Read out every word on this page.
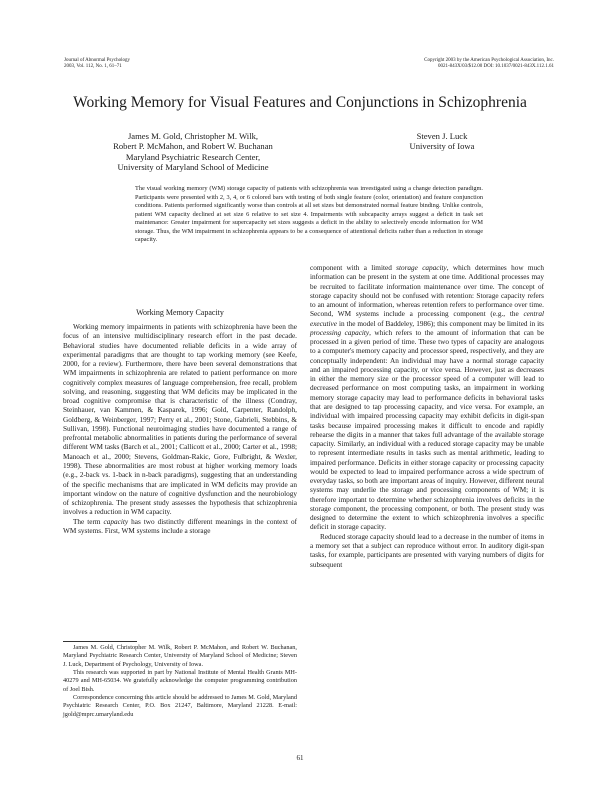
Journal of Abnormal Psychology
2003, Vol. 112, No. 1, 61–71
Copyright 2003 by the American Psychological Association, Inc.
0021-843X/03/$12.00 DOI: 10.1037/0021-843X.112.1.61
Working Memory for Visual Features and Conjunctions in Schizophrenia
James M. Gold, Christopher M. Wilk,
Robert P. McMahon, and Robert W. Buchanan
Maryland Psychiatric Research Center,
University of Maryland School of Medicine
Steven J. Luck
University of Iowa
The visual working memory (WM) storage capacity of patients with schizophrenia was investigated using a change detection paradigm. Participants were presented with 2, 3, 4, or 6 colored bars with testing of both single feature (color, orientation) and feature conjunction conditions. Patients performed significantly worse than controls at all set sizes but demonstrated normal feature binding. Unlike controls, patient WM capacity declined at set size 6 relative to set size 4. Impairments with subcapacity arrays suggest a deficit in task set maintenance: Greater impairment for supercapacity set sizes suggests a deficit in the ability to selectively encode information for WM storage. Thus, the WM impairment in schizophrenia appears to be a consequence of attentional deficits rather than a reduction in storage capacity.
Working Memory Capacity

Working memory impairments in patients with schizophrenia have been the focus of an intensive multidisciplinary research effort in the past decade. Behavioral studies have documented reliable deficits in a wide array of experimental paradigms that are thought to tap working memory (see Keefe, 2000, for a review). Furthermore, there have been several demonstrations that WM impairments in schizophrenia are related to patient performance on more cognitively complex measures of language comprehension, free recall, problem solving, and reasoning, suggesting that WM deficits may be implicated in the broad cognitive compromise that is characteristic of the illness (Condray, Steinhauer, van Kammen, & Kasparek, 1996; Gold, Carpenter, Randolph, Goldberg, & Weinberger, 1997; Perry et al., 2001; Stone, Gabrieli, Stebbins, & Sullivan, 1998). Functional neuroimaging studies have documented a range of prefrontal metabolic abnormalities in patients during the performance of several different WM tasks (Barch et al., 2001; Callicott et al., 2000; Carter et al., 1998; Manoach et al., 2000; Stevens, Goldman-Rakic, Gore, Fulbright, & Wexler, 1998). These abnormalities are most robust at higher working memory loads (e.g., 2-back vs. 1-back in n-back paradigms), suggesting that an understanding of the specific mechanisms that are implicated in WM deficits may provide an important window on the nature of cognitive dysfunction and the neurobiology of schizophrenia. The present study assesses the hypothesis that schizophrenia involves a reduction in WM capacity.

The term capacity has two distinctly different meanings in the context of WM systems. First, WM systems include a storage

James M. Gold, Christopher M. Wilk, Robert P. McMahon, and Robert W. Buchanan, Maryland Psychiatric Research Center, University of Maryland School of Medicine; Steven J. Luck, Department of Psychology, University of Iowa.

This research was supported in part by National Institute of Mental Health Grants MH-40279 and MH-65034. We gratefully acknowledge the computer programming contribution of Joel Bish.

Correspondence concerning this article should be addressed to James M. Gold, Maryland Psychiatric Research Center, P.O. Box 21247, Baltimore, Maryland 21228. E-mail: jgold@mprc.umaryland.edu

component with a limited storage capacity, which determines how much information can be present in the system at one time. Additional processes may be recruited to facilitate information maintenance over time. The concept of storage capacity should not be confused with retention: Storage capacity refers to an amount of information, whereas retention refers to performance over time. Second, WM systems include a processing component (e.g., the central executive in the model of Baddeley, 1986); this component may be limited in its processing capacity, which refers to the amount of information that can be processed in a given period of time. These two types of capacity are analogous to a computer's memory capacity and processor speed, respectively, and they are conceptually independent: An individual may have a normal storage capacity and an impaired processing capacity, or vice versa. However, just as decreases in either the memory size or the processor speed of a computer will lead to decreased performance on most computing tasks, an impairment in working memory storage capacity may lead to performance deficits in behavioral tasks that are designed to tap processing capacity, and vice versa. For example, an individual with impaired processing capacity may exhibit deficits in digit-span tasks because impaired processing makes it difficult to encode and rapidly rehearse the digits in a manner that takes full advantage of the available storage capacity. Similarly, an individual with a reduced storage capacity may be unable to represent intermediate results in tasks such as mental arithmetic, leading to impaired performance. Deficits in either storage capacity or processing capacity would be expected to lead to impaired performance across a wide spectrum of everyday tasks, so both are important areas of inquiry. However, different neural systems may underlie the storage and processing components of WM; it is therefore important to determine whether schizophrenia involves deficits in the storage component, the processing component, or both. The present study was designed to determine the extent to which schizophrenia involves a specific deficit in storage capacity.

Reduced storage capacity should lead to a decrease in the number of items in a memory set that a subject can reproduce without error. In auditory digit-span tasks, for example, participants are presented with varying numbers of digits for subsequent

61
